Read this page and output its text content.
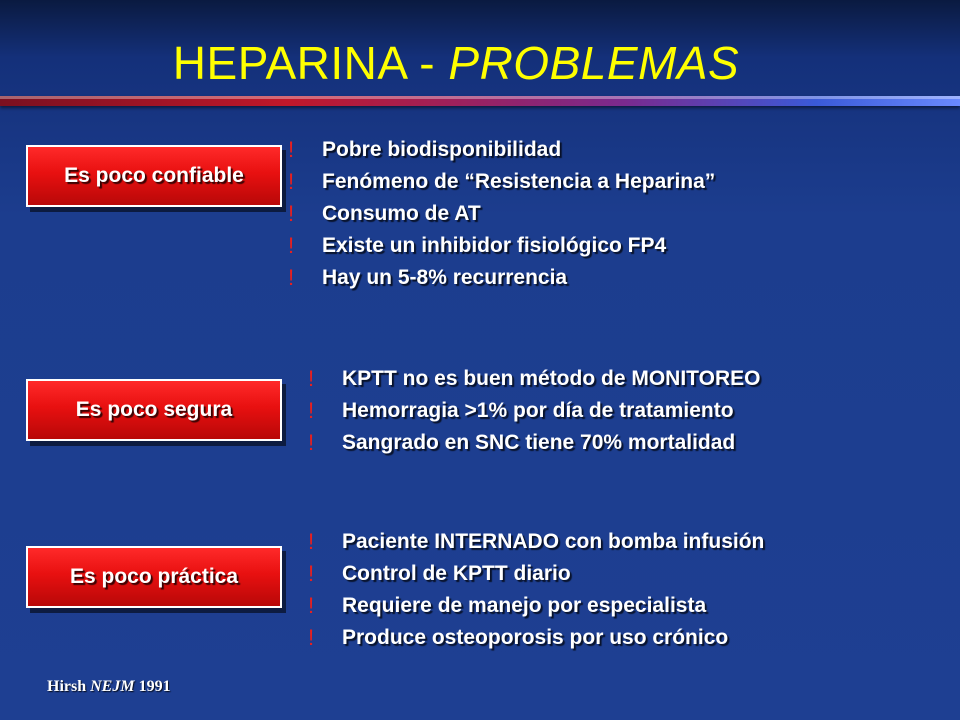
HEPARINA - PROBLEMAS
Es poco confiable
! Pobre biodisponibilidad
! Fenómeno de “Resistencia a Heparina”
! Consumo de AT
! Existe un inhibidor fisiológico FP4
! Hay un 5-8% recurrencia
Es poco segura
! KPTT no es buen método de MONITOREO
! Hemorragia >1% por día de tratamiento
! Sangrado en SNC tiene 70% mortalidad
Es poco práctica
! Paciente INTERNADO con bomba infusión
! Control de KPTT diario
! Requiere de manejo por especialista
! Produce osteoporosis por uso crónico
Hirsh NEJM 1991
